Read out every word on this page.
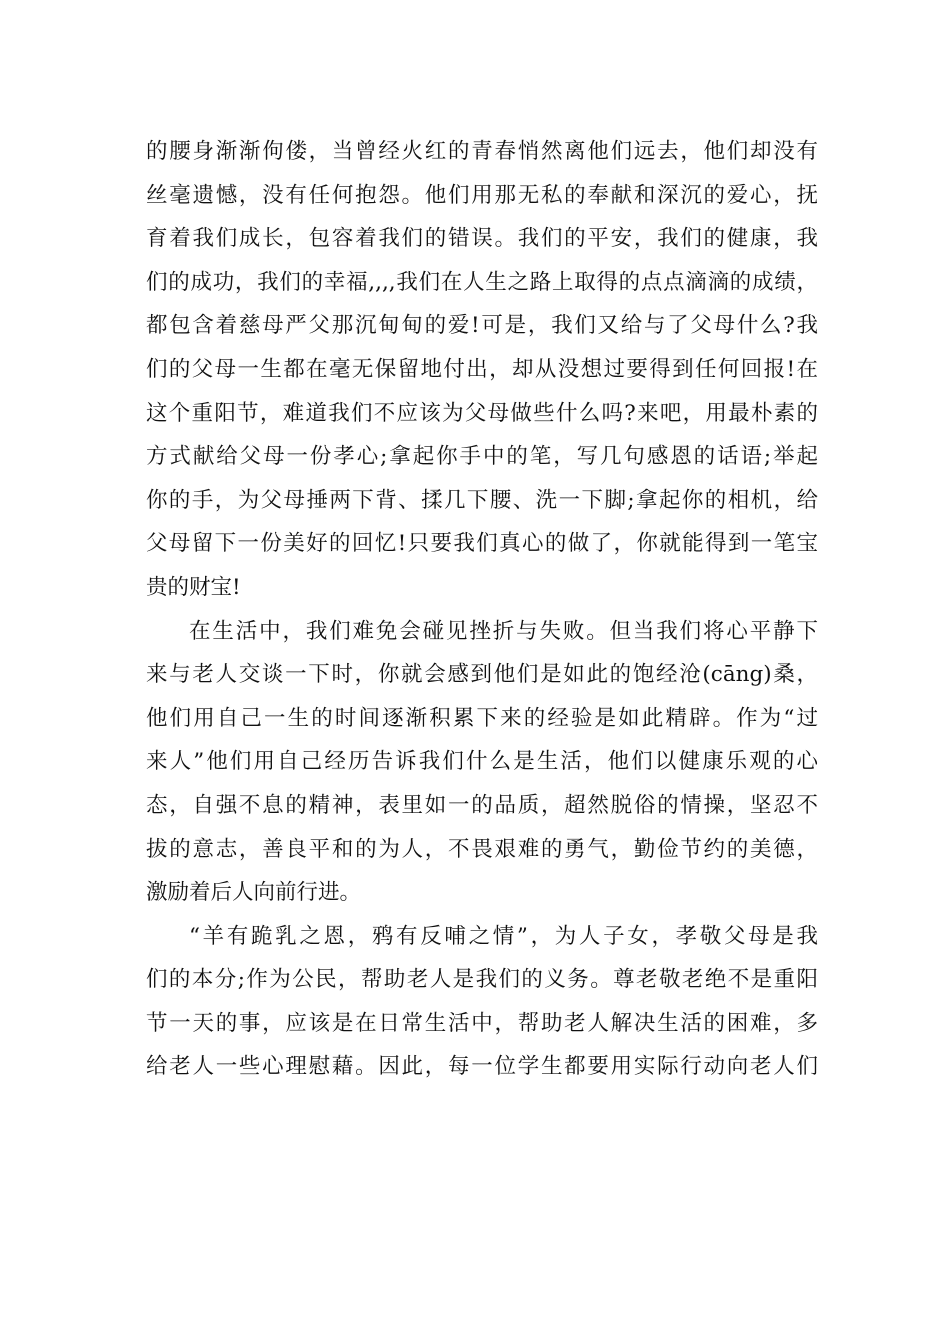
的腰身渐渐佝偻，当曾经火红的青春悄然离他们远去，他们却没有
丝毫遗憾，没有任何抱怨。他们用那无私的奉献和深沉的爱心，抚
育着我们成长，包容着我们的错误。我们的平安，我们的健康，我
们的成功，我们的幸福,,,,我们在人生之路上取得的点点滴滴的成绩，
都包含着慈母严父那沉甸甸的爱!可是，我们又给与了父母什么?我
们的父母一生都在毫无保留地付出，却从没想过要得到任何回报!在
这个重阳节，难道我们不应该为父母做些什么吗?来吧，用最朴素的
方式献给父母一份孝心;拿起你手中的笔，写几句感恩的话语;举起
你的手，为父母捶两下背、揉几下腰、洗一下脚;拿起你的相机，给
父母留下一份美好的回忆!只要我们真心的做了，你就能得到一笔宝
贵的财宝!
在生活中，我们难免会碰见挫折与失败。但当我们将心平静下
来与老人交谈一下时，你就会感到他们是如此的饱经沧(cāng)桑，
他们用自己一生的时间逐渐积累下来的经验是如此精辟。作为“过
来人”他们用自己经历告诉我们什么是生活，他们以健康乐观的心
态，自强不息的精神，表里如一的品质，超然脱俗的情操，坚忍不
拔的意志，善良平和的为人，不畏艰难的勇气，勤俭节约的美德，
激励着后人向前行进。
“羊有跪乳之恩，鸦有反哺之情”，为人子女，孝敬父母是我
们的本分;作为公民，帮助老人是我们的义务。尊老敬老绝不是重阳
节一天的事，应该是在日常生活中，帮助老人解决生活的困难，多
给老人一些心理慰藉。因此，每一位学生都要用实际行动向老人们
